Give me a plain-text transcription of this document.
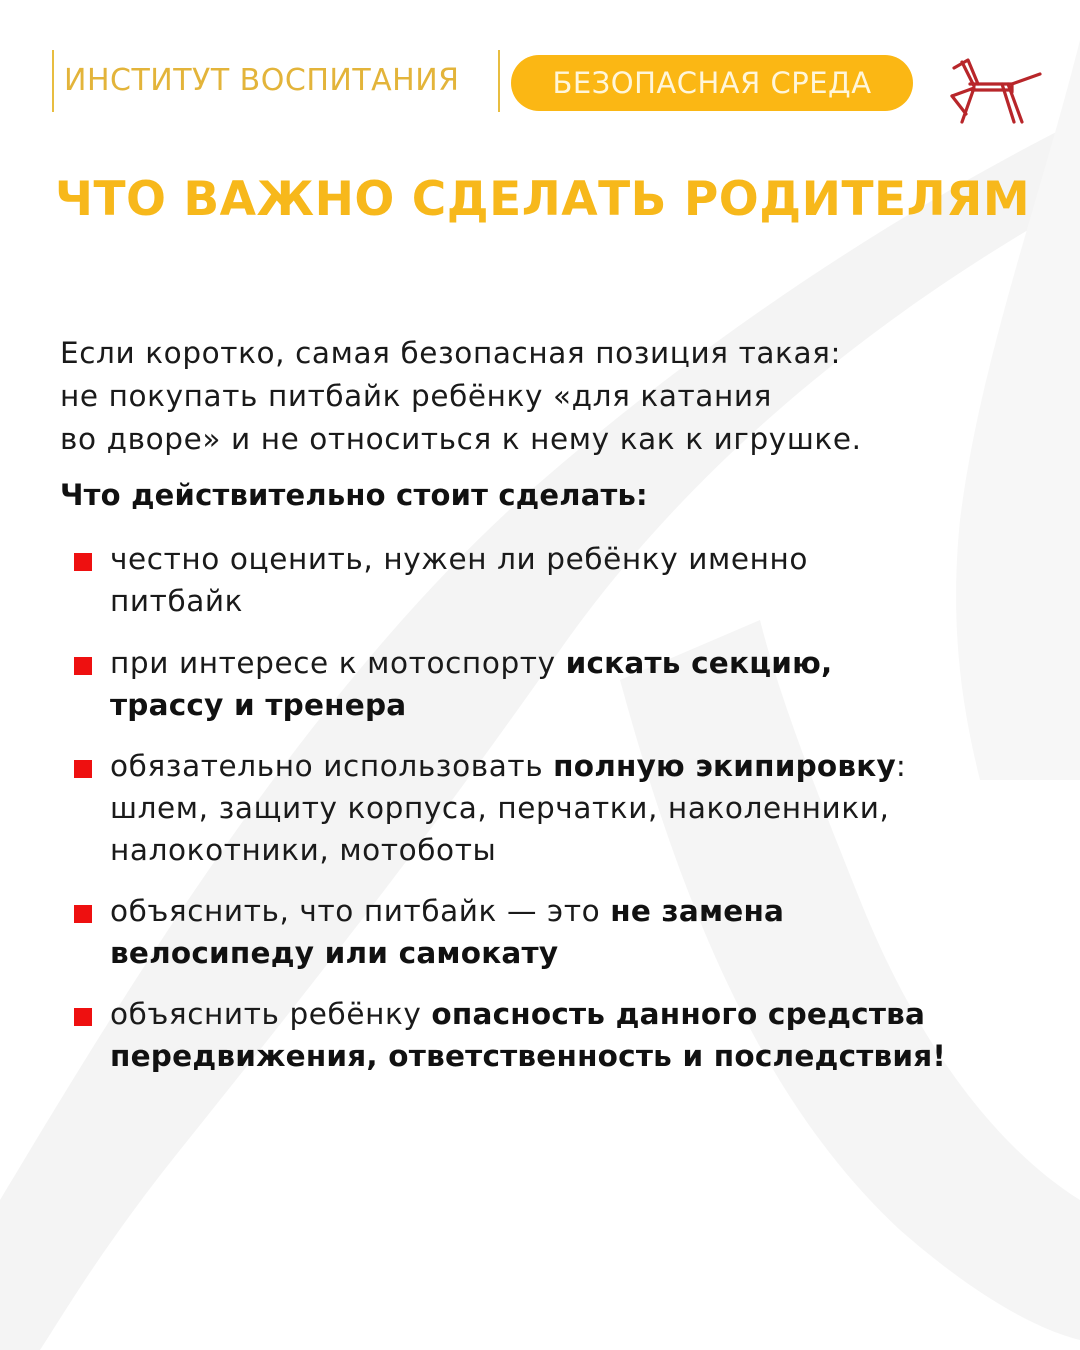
ИНСТИТУТ ВОСПИТАНИЯ	БЕЗОПАСНАЯ СРЕДА
ЧТО ВАЖНО СДЕЛАТЬ РОДИТЕЛЯМ
Если коротко, самая безопасная позиция такая:
не покупать питбайк ребёнку «для катания
во дворе» и не относиться к нему как к игрушке.
Что действительно стоит сделать:
честно оценить, нужен ли ребёнку именно
питбайк
при интересе к мотоспорту искать секцию,
трассу и тренера
обязательно использовать полную экипировку:
шлем, защиту корпуса, перчатки, наколенники,
налокотники, мотоботы
объяснить, что питбайк — это не замена
велосипеду или самокату
объяснить ребёнку опасность данного средства
передвижения, ответственность и последствия!
